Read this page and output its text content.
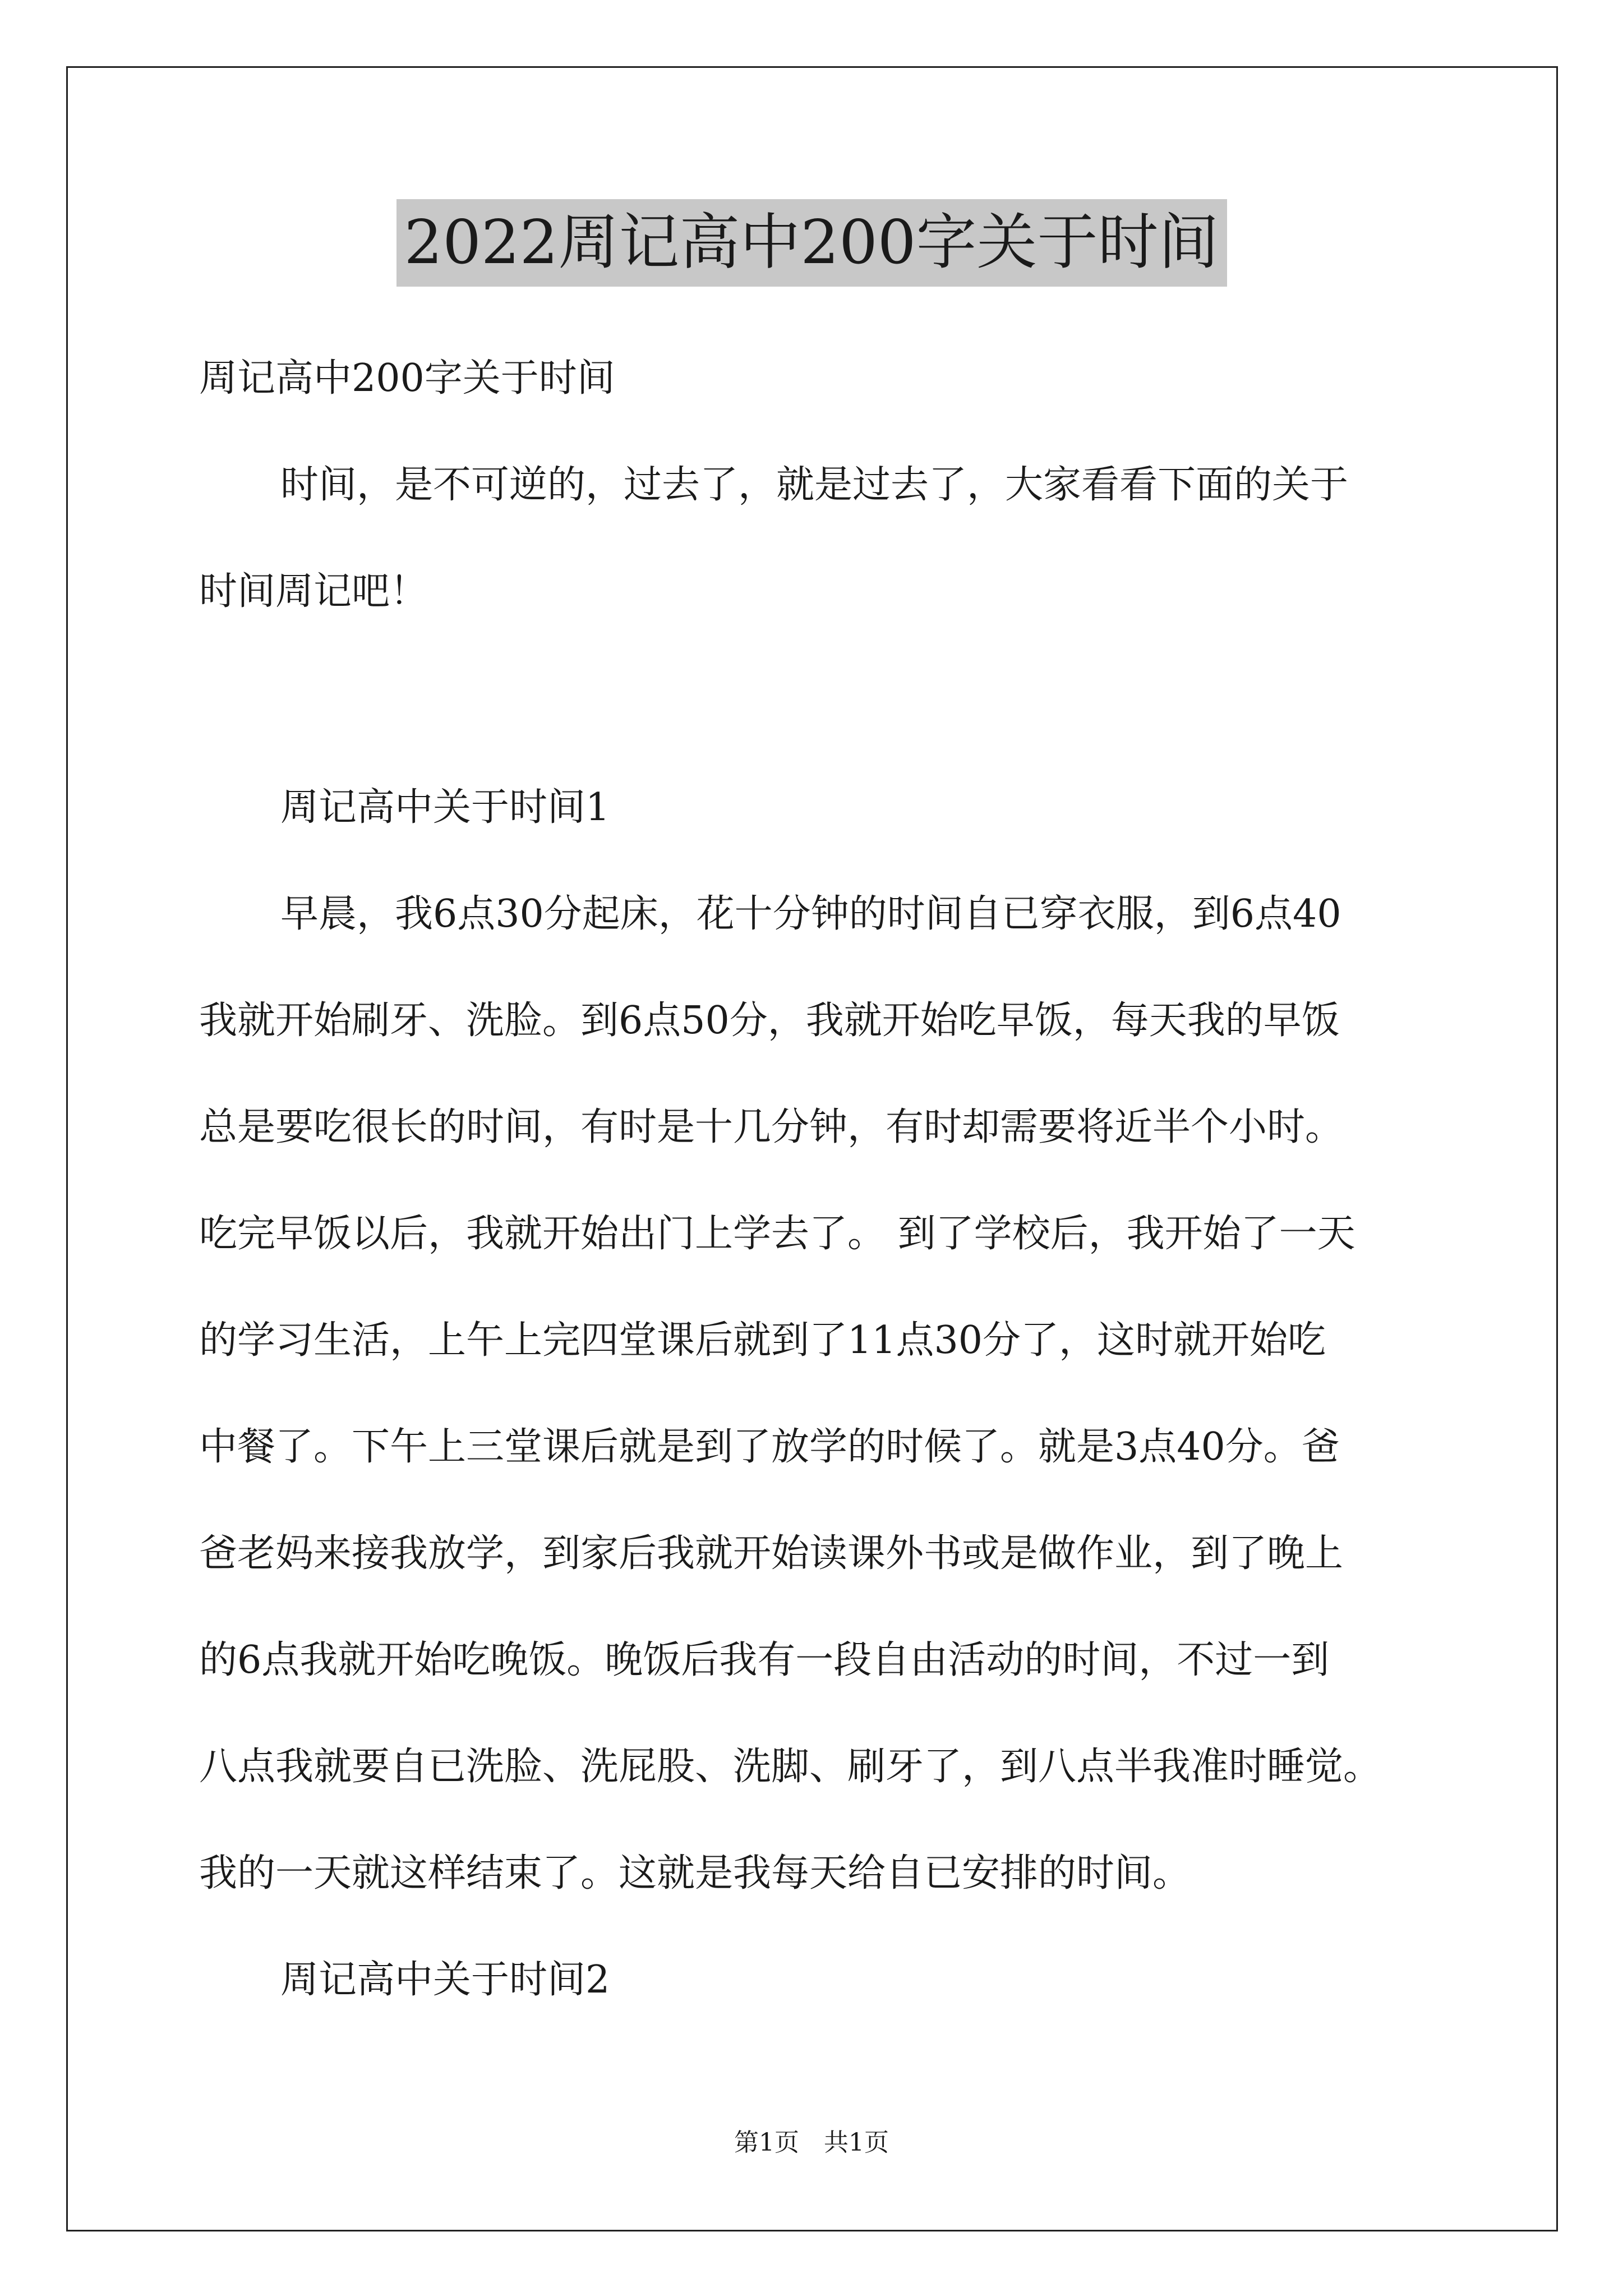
2022周记高中200字关于时间
周记高中200字关于时间
时间，是不可逆的，过去了，就是过去了，大家看看下面的关于
时间周记吧！
周记高中关于时间1
早晨，我6点30分起床，花十分钟的时间自已穿衣服，到6点40
我就开始刷牙、洗脸。到6点50分，我就开始吃早饭，每天我的早饭
总是要吃很长的时间，有时是十几分钟，有时却需要将近半个小时。
吃完早饭以后，我就开始出门上学去了。 到了学校后，我开始了一天
的学习生活，上午上完四堂课后就到了11点30分了，这时就开始吃
中餐了。下午上三堂课后就是到了放学的时候了。就是3点40分。爸
爸老妈来接我放学，到家后我就开始读课外书或是做作业，到了晚上
的6点我就开始吃晚饭。晚饭后我有一段自由活动的时间，不过一到
八点我就要自已洗脸、洗屁股、洗脚、刷牙了，到八点半我准时睡觉。
我的一天就这样结束了。这就是我每天给自已安排的时间。
周记高中关于时间2
第1页　共1页
